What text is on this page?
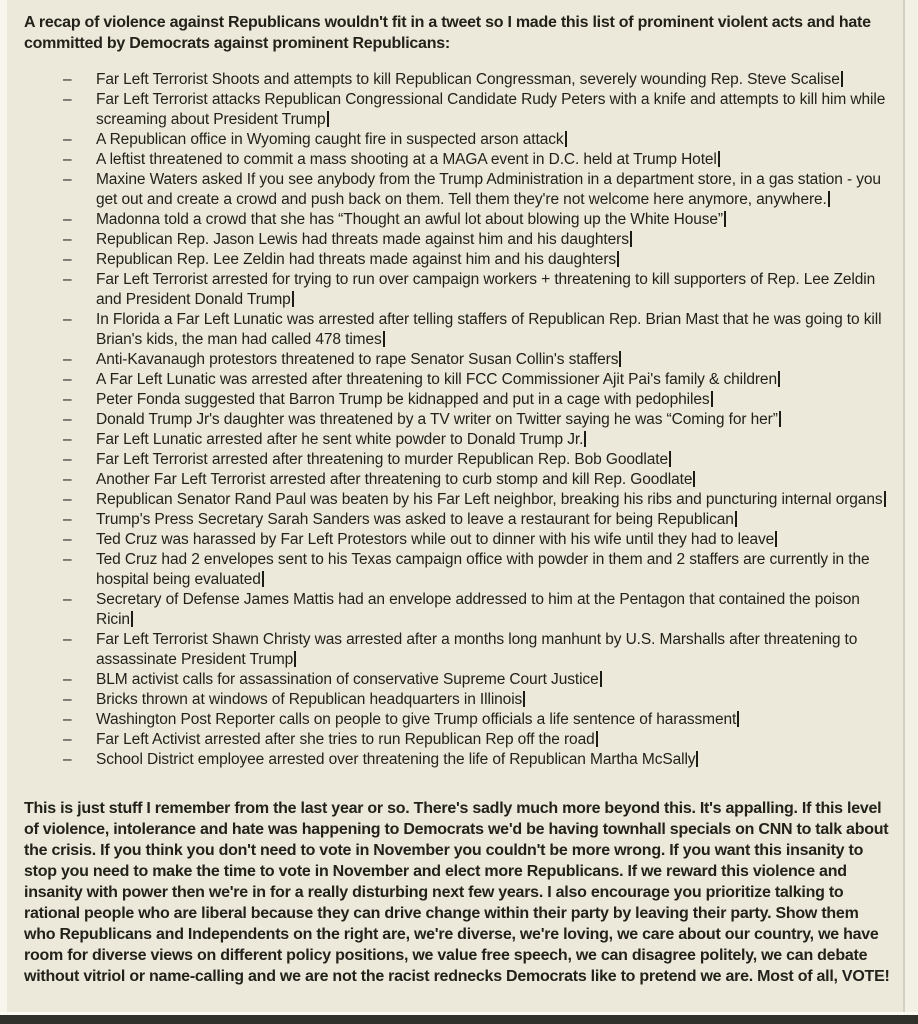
A recap of violence against Republicans wouldn't fit in a tweet so I made this list of prominent violent acts and hate committed by Democrats against prominent Republicans:

– Far Left Terrorist Shoots and attempts to kill Republican Congressman, severely wounding Rep. Steve Scalise
– Far Left Terrorist attacks Republican Congressional Candidate Rudy Peters with a knife and attempts to kill him while screaming about President Trump
– A Republican office in Wyoming caught fire in suspected arson attack
– A leftist threatened to commit a mass shooting at a MAGA event in D.C. held at Trump Hotel
– Maxine Waters asked If you see anybody from the Trump Administration in a department store, in a gas station - you get out and create a crowd and push back on them. Tell them they're not welcome here anymore, anywhere.
– Madonna told a crowd that she has “Thought an awful lot about blowing up the White House”
– Republican Rep. Jason Lewis had threats made against him and his daughters
– Republican Rep. Lee Zeldin had threats made against him and his daughters
– Far Left Terrorist arrested for trying to run over campaign workers + threatening to kill supporters of Rep. Lee Zeldin and President Donald Trump
– In Florida a Far Left Lunatic was arrested after telling staffers of Republican Rep. Brian Mast that he was going to kill Brian's kids, the man had called 478 times
– Anti-Kavanaugh protestors threatened to rape Senator Susan Collin's staffers
– A Far Left Lunatic was arrested after threatening to kill FCC Commissioner Ajit Pai's family & children
– Peter Fonda suggested that Barron Trump be kidnapped and put in a cage with pedophiles
– Donald Trump Jr's daughter was threatened by a TV writer on Twitter saying he was “Coming for her”
– Far Left Lunatic arrested after he sent white powder to Donald Trump Jr.
– Far Left Terrorist arrested after threatening to murder Republican Rep. Bob Goodlate
– Another Far Left Terrorist arrested after threatening to curb stomp and kill Rep. Goodlate
– Republican Senator Rand Paul was beaten by his Far Left neighbor, breaking his ribs and puncturing internal organs
– Trump's Press Secretary Sarah Sanders was asked to leave a restaurant for being Republican
– Ted Cruz was harassed by Far Left Protestors while out to dinner with his wife until they had to leave
– Ted Cruz had 2 envelopes sent to his Texas campaign office with powder in them and 2 staffers are currently in the hospital being evaluated
– Secretary of Defense James Mattis had an envelope addressed to him at the Pentagon that contained the poison Ricin
– Far Left Terrorist Shawn Christy was arrested after a months long manhunt by U.S. Marshalls after threatening to assassinate President Trump
– BLM activist calls for assassination of conservative Supreme Court Justice
– Bricks thrown at windows of Republican headquarters in Illinois
– Washington Post Reporter calls on people to give Trump officials a life sentence of harassment
– Far Left Activist arrested after she tries to run Republican Rep off the road
– School District employee arrested over threatening the life of Republican Martha McSally

This is just stuff I remember from the last year or so. There's sadly much more beyond this. It's appalling. If this level of violence, intolerance and hate was happening to Democrats we'd be having townhall specials on CNN to talk about the crisis. If you think you don't need to vote in November you couldn't be more wrong. If you want this insanity to stop you need to make the time to vote in November and elect more Republicans. If we reward this violence and insanity with power then we're in for a really disturbing next few years. I also encourage you prioritize talking to rational people who are liberal because they can drive change within their party by leaving their party. Show them who Republicans and Independents on the right are, we're diverse, we're loving, we care about our country, we have room for diverse views on different policy positions, we value free speech, we can disagree politely, we can debate without vitriol or name-calling and we are not the racist rednecks Democrats like to pretend we are. Most of all, VOTE!
